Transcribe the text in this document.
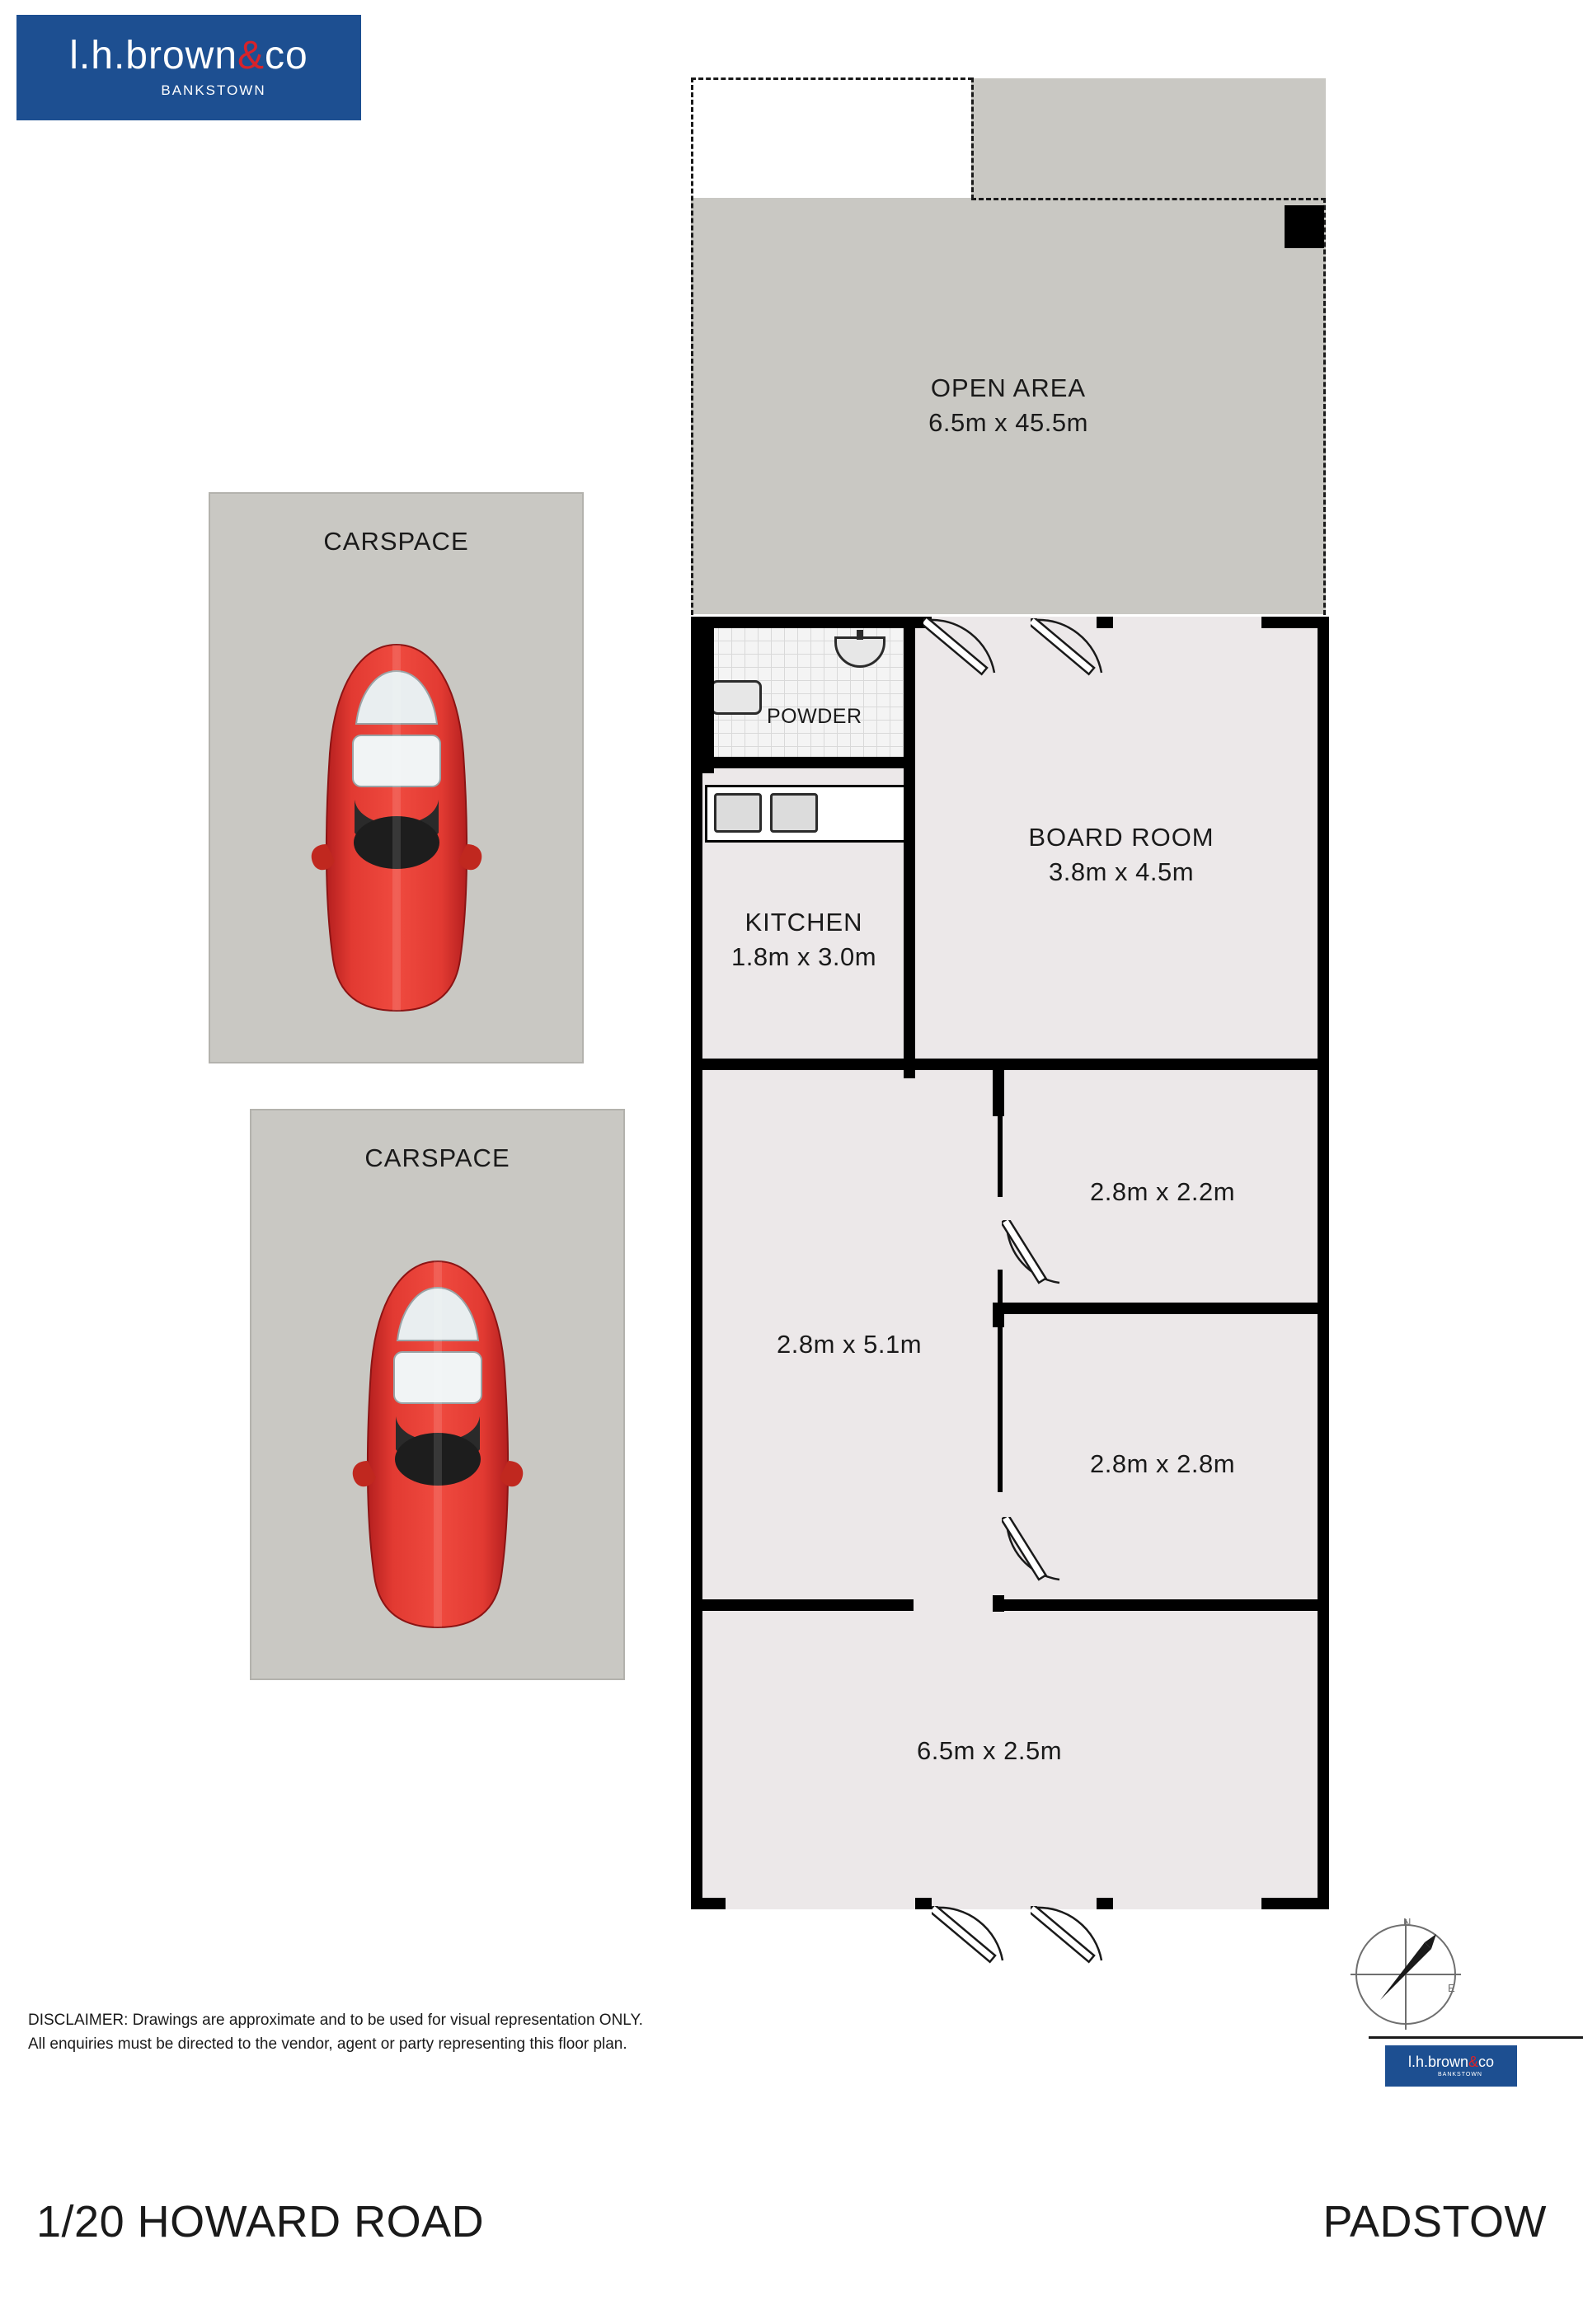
l.h.brown&co
BANKSTOWN
CARSPACE
CARSPACE
OPEN AREA
6.5m x 45.5m
POWDER
KITCHEN
1.8m x 3.0m
BOARD ROOM
3.8m x 4.5m
2.8m x 5.1m
2.8m x 2.2m
2.8m x 2.8m
6.5m x 2.5m
N
E
DISCLAIMER: Drawings are approximate and to be used for visual representation ONLY.
All enquiries must be directed to the vendor, agent or party representing this floor plan.
l.h.brown&co
BANKSTOWN
1/20 HOWARD ROAD	PADSTOW
